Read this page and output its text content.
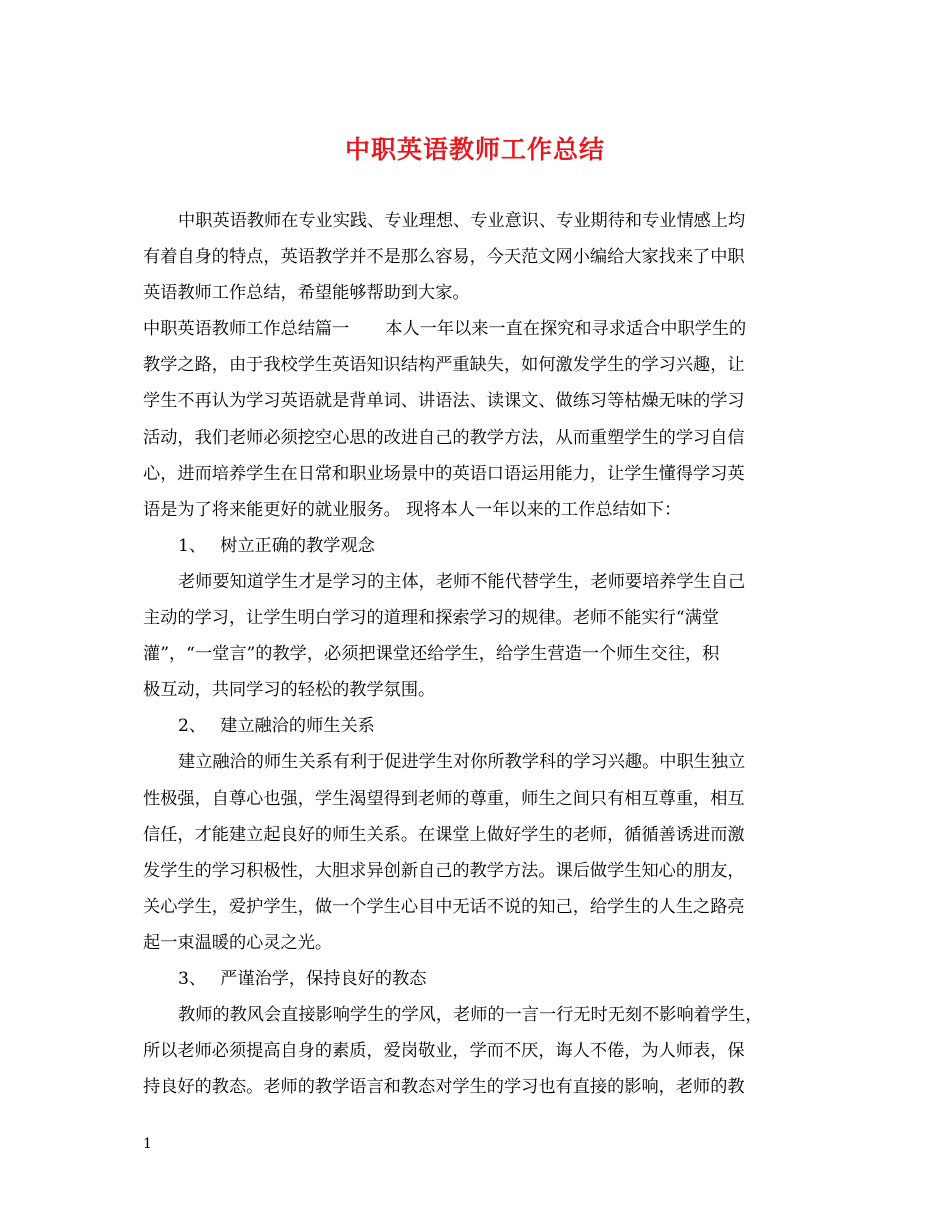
中职英语教师工作总结
中职英语教师在专业实践、专业理想、专业意识、专业期待和专业情感上均
有着自身的特点，英语教学并不是那么容易，今天范文网小编给大家找来了中职
英语教师工作总结，希望能够帮助到大家。
中职英语教师工作总结篇一 本人一年以来一直在探究和寻求适合中职学生的
教学之路，由于我校学生英语知识结构严重缺失，如何激发学生的学习兴趣，让
学生不再认为学习英语就是背单词、讲语法、读课文、做练习等枯燥无味的学习
活动，我们老师必须挖空心思的改进自己的教学方法，从而重塑学生的学习自信
心，进而培养学生在日常和职业场景中的英语口语运用能力，让学生懂得学习英
语是为了将来能更好的就业服务。 现将本人一年以来的工作总结如下：
1、 树立正确的教学观念
老师要知道学生才是学习的主体，老师不能代替学生，老师要培养学生自己
主动的学习，让学生明白学习的道理和探索学习的规律。老师不能实行“满堂
灌”，“一堂言”的教学，必须把课堂还给学生，给学生营造一个师生交往，积
极互动，共同学习的轻松的教学氛围。
2、 建立融洽的师生关系
建立融洽的师生关系有利于促进学生对你所教学科的学习兴趣。中职生独立
性极强，自尊心也强，学生渴望得到老师的尊重，师生之间只有相互尊重，相互
信任，才能建立起良好的师生关系。在课堂上做好学生的老师，循循善诱进而激
发学生的学习积极性，大胆求异创新自己的教学方法。课后做学生知心的朋友，
关心学生，爱护学生，做一个学生心目中无话不说的知己，给学生的人生之路亮
起一束温暖的心灵之光。
3、 严谨治学，保持良好的教态
教师的教风会直接影响学生的学风，老师的一言一行无时无刻不影响着学生，
所以老师必须提高自身的素质，爱岗敬业，学而不厌，诲人不倦，为人师表，保
持良好的教态。老师的教学语言和教态对学生的学习也有直接的影响，老师的教
1
